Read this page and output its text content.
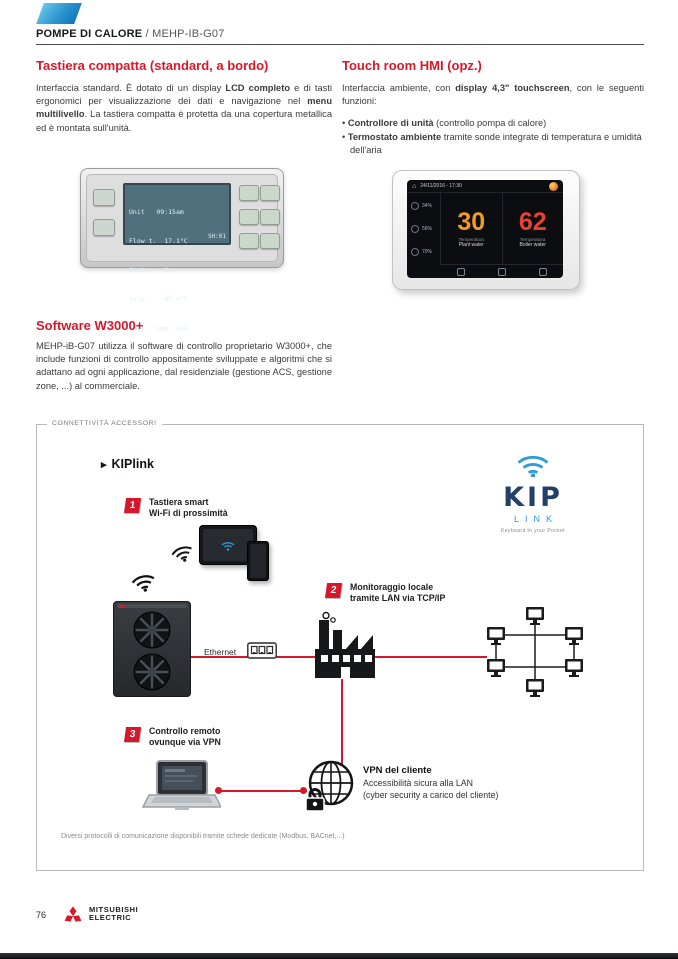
POMPE DI CALORE / MEHP-IB-G07
Tastiera compatta (standard, a bordo)
Interfaccia standard. È dotato di un display LCD completo e di tasti ergonomici per visualizzazione dei dati e navigazione nel menu multilivello. La tastiera compatta è protetta da una copertura metallica ed è montata sull'unità.

Unit   09:15am

Flow t.  17.1°C

Status   On

Setp.    45.0°C

Cool   100  100

SH:01

Touch room HMI (opz.)
Interfaccia ambiente, con display 4,3" touchscreen, con le seguenti funzioni:
• Controllore di unità (controllo pompa di calore)
• Termostato ambiente tramite sonde integrate di temperatura e umidità dell'aria
⌂ 24/11/2016 - 17:30
34%
56%
70%
30
Temperatura
Plant water
62
Temperatura
Boiler water
Software W3000+
MEHP-iB-G07 utilizza il software di controllo proprietario W3000+, che include funzioni di controllo appositamente sviluppate e algoritmi che si adattano ad ogni applicazione, dal residenziale (gestione ACS, gestione zone, ...) al commerciale.
CONNETTIVITÀ ACCESSORI
▸ KIPlink
KIP
LINK
Keyboard In your Pocket
1	Tastiera smart
Wi-Fi di prossimità
Ethernet
2	Monitoraggio locale
tramite LAN via TCP/IP
3	Controllo remoto
ovunque via VPN
VPN del cliente
Accessibilità sicura alla LAN
(cyber security a carico del cliente)
Diversi protocolli di comunicazione disponibili tramite schede dedicate (Modbus, BACnet,...)
76
MITSUBISHI
ELECTRIC
